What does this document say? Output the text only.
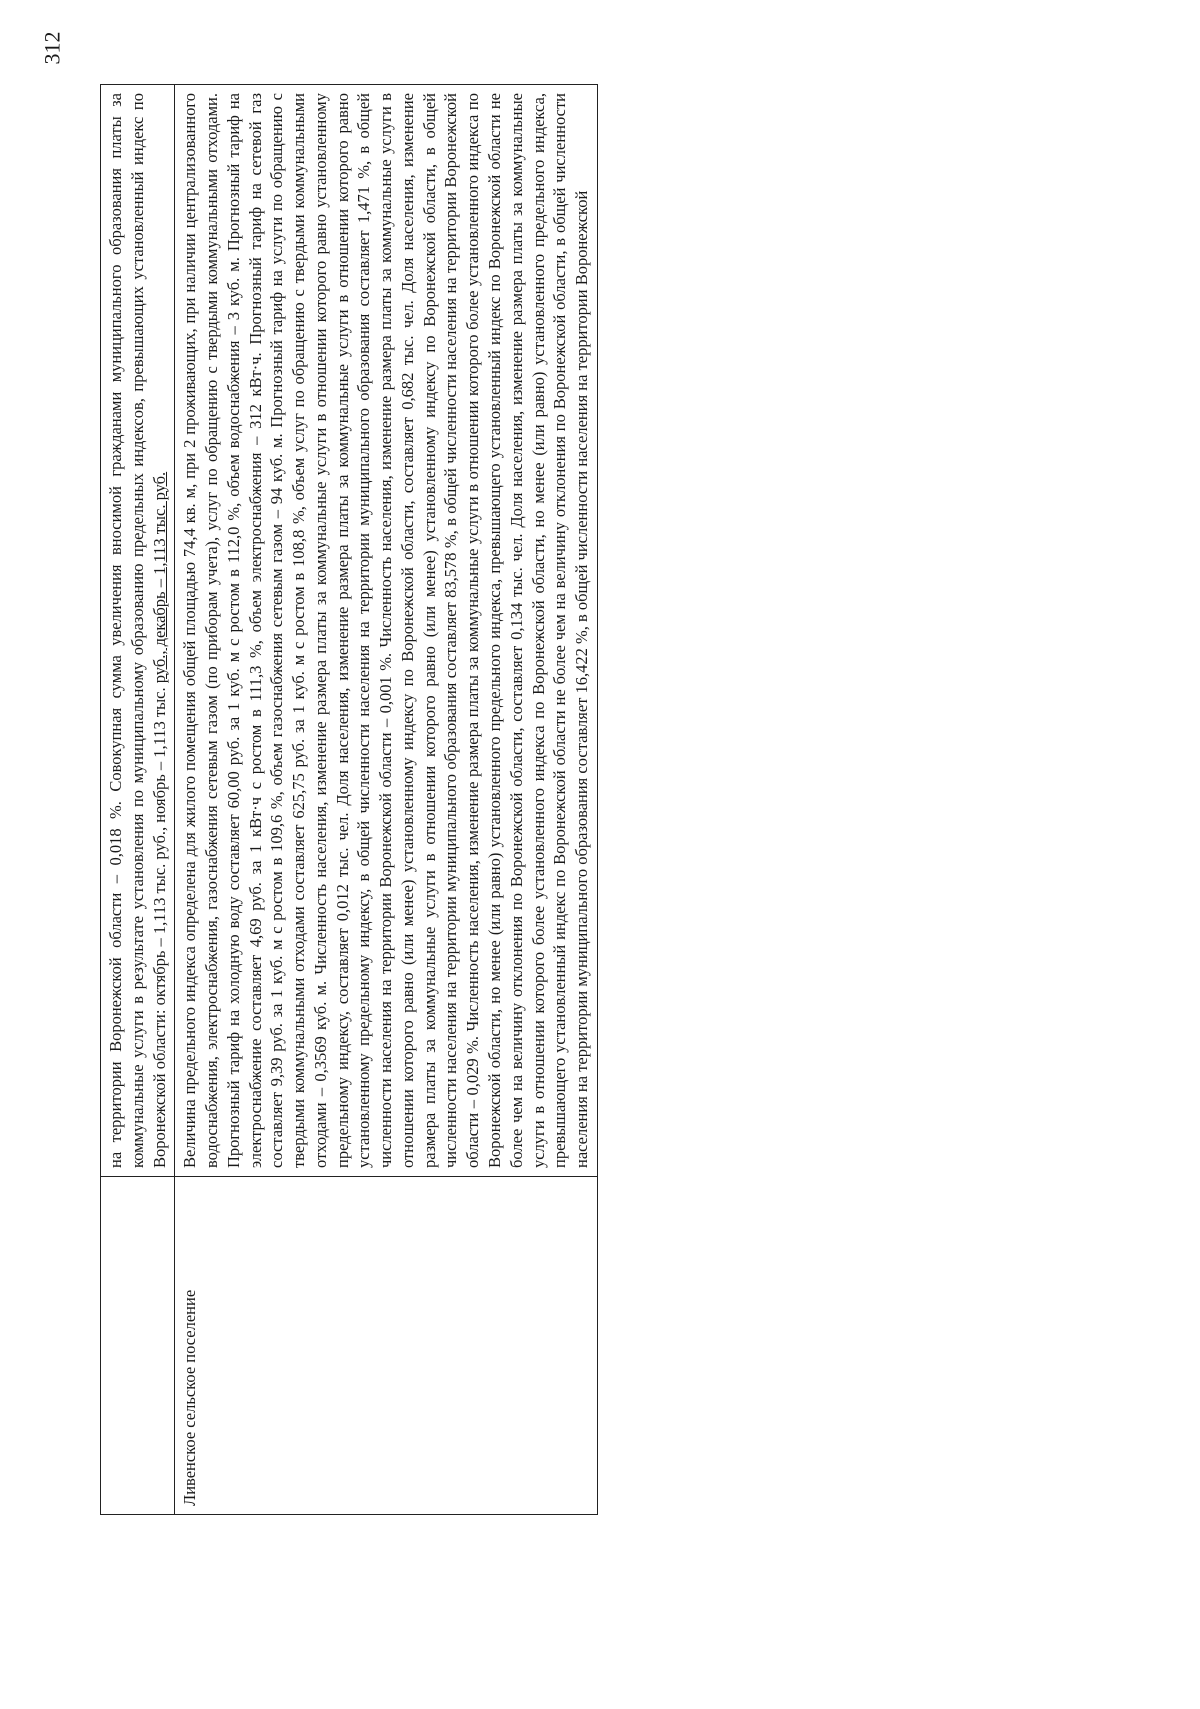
312
	на территории Воронежской области – 0,018 %. Совокупная сумма увеличения вносимой гражданами муниципального образования платы за коммунальные услуги в результате установления по муниципальному образованию предельных индексов, превышающих установленный индекс по Воронежской области: октябрь – 1,113 тыс. руб., ноябрь – 1,113 тыс. руб., декабрь – 1,113 тыс. руб.
Ливенское сельское поселение	Величина предельного индекса определена для жилого помещения общей площадью 74,4 кв. м, при 2 проживающих, при наличии централизованного водоснабжения, электроснабжения, газоснабжения сетевым газом (по приборам учета), услуг по обращению с твердыми коммунальными отходами. Прогнозный тариф на холодную воду составляет 60,00 руб. за 1 куб. м с ростом в 112,0 %, объем водоснабжения – 3 куб. м. Прогнозный тариф на электроснабжение составляет 4,69 руб. за 1 кВт·ч с ростом в 111,3 %, объем электроснабжения – 312 кВт·ч. Прогнозный тариф на сетевой газ составляет 9,39 руб. за 1 куб. м с ростом в 109,6 %, объем газоснабжения сетевым газом – 94 куб. м. Прогнозный тариф на услуги по обращению с твердыми коммунальными отходами составляет 625,75 руб. за 1 куб. м с ростом в 108,8 %, объем услуг по обращению с твердыми коммунальными отходами – 0,3569 куб. м. Численность населения, изменение размера платы за коммунальные услуги в отношении которого равно установленному предельному индексу, составляет 0,012 тыс. чел. Доля населения, изменение размера платы за коммунальные услуги в отношении которого равно установленному предельному индексу, в общей численности населения на территории муниципального образования составляет 1,471 %, в общей численности населения на территории Воронежской области – 0,001 %. Численность населения, изменение размера платы за коммунальные услуги в отношении которого равно (или менее) установленному индексу по Воронежской области, составляет 0,682 тыс. чел. Доля населения, изменение размера платы за коммунальные услуги в отношении которого равно (или менее) установленному индексу по Воронежской области, в общей численности населения на территории муниципального образования составляет 83,578 %, в общей численности населения на территории Воронежской области – 0,029 %. Численность населения, изменение размера платы за коммунальные услуги в отношении которого более установленного индекса по Воронежской области, но менее (или равно) установленного предельного индекса, превышающего установленный индекс по Воронежской области не более чем на величину отклонения по Воронежской области, составляет 0,134 тыс. чел. Доля населения, изменение размера платы за коммунальные услуги в отношении которого более установленного индекса по Воронежской области, но менее (или равно) установленного предельного индекса, превышающего установленный индекс по Воронежской области не более чем на величину отклонения по Воронежской области, в общей численности населения на территории муниципального образования составляет 16,422 %, в общей численности населения на территории Воронежской
